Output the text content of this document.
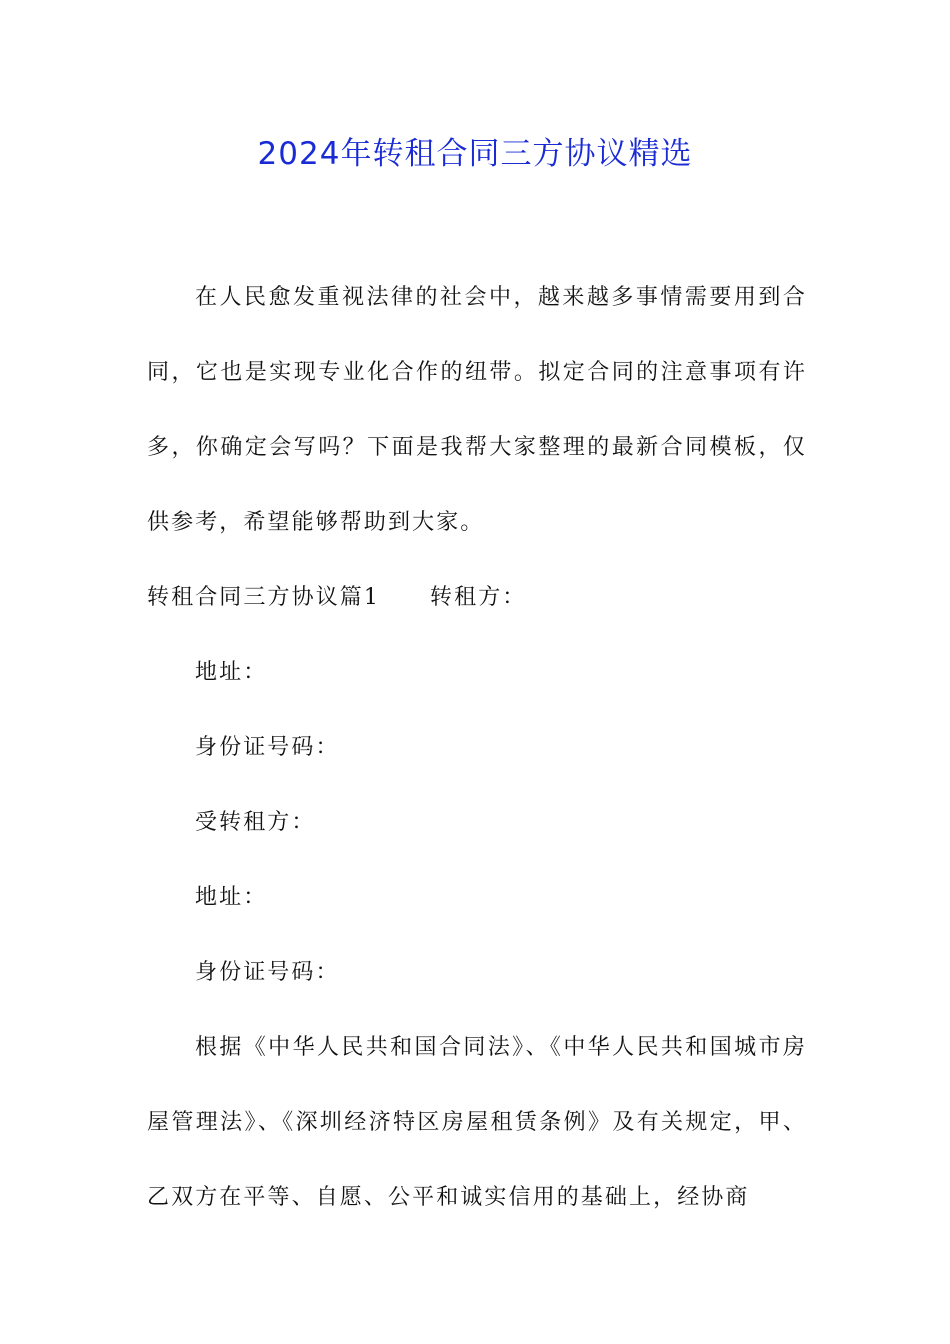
2024年转租合同三方协议精选

在人民愈发重视法律的社会中，越来越多事情需要用到合同，它也是实现专业化合作的纽带。拟定合同的注意事项有许多，你确定会写吗？下面是我帮大家整理的最新合同模板，仅供参考，希望能够帮助到大家。

转租合同三方协议篇1 转租方：

地址：

身份证号码：

受转租方：

地址：

身份证号码：

根据《中华人民共和国合同法》、《中华人民共和国城市房屋管理法》、《深圳经济特区房屋租赁条例》及有关规定，甲、乙双方在平等、自愿、公平和诚实信用的基础上，经协商
